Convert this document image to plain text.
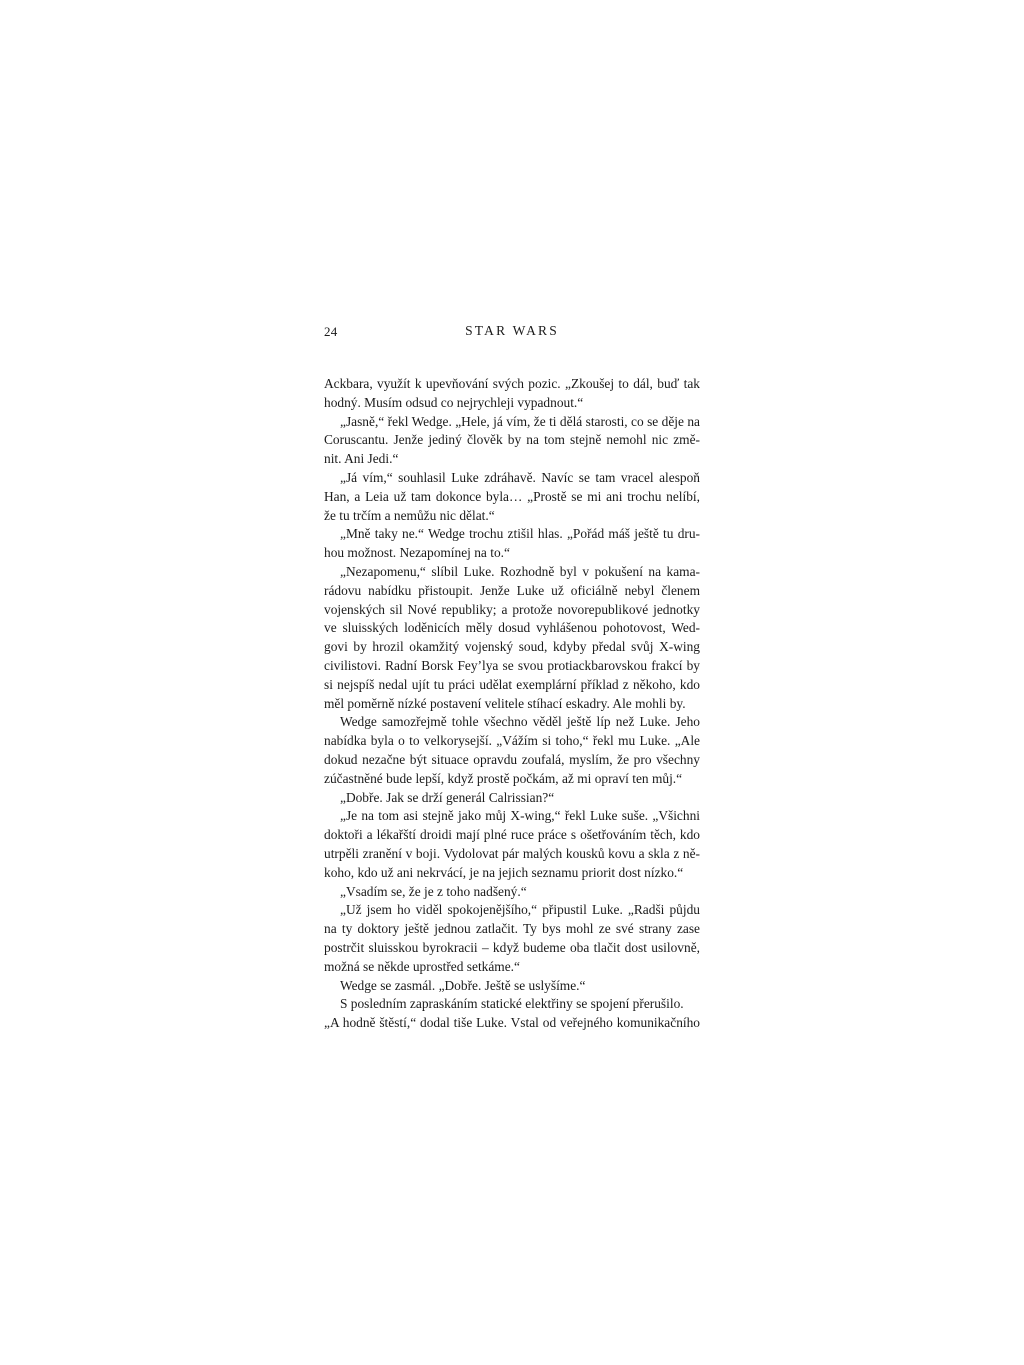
24	STAR WARS

Ackbara, využít k upevňování svých pozic. „Zkoušej to dál, buď tak
hodný. Musím odsud co nejrychleji vypadnout.“

„Jasně,“ řekl Wedge. „Hele, já vím, že ti dělá starosti, co se děje na
Coruscantu. Jenže jediný člověk by na tom stejně nemohl nic změ-
nit. Ani Jedi.“

„Já vím,“ souhlasil Luke zdráhavě. Navíc se tam vracel alespoň
Han, a Leia už tam dokonce byla… „Prostě se mi ani trochu nelíbí,
že tu trčím a nemůžu nic dělat.“

„Mně taky ne.“ Wedge trochu ztišil hlas. „Pořád máš ještě tu dru-
hou možnost. Nezapomínej na to.“

„Nezapomenu,“ slíbil Luke. Rozhodně byl v pokušení na kama-
rádovu nabídku přistoupit. Jenže Luke už oficiálně nebyl členem
vojenských sil Nové republiky; a protože novorepublikové jednotky
ve sluisských loděnicích měly dosud vyhlášenou pohotovost, Wed-
govi by hrozil okamžitý vojenský soud, kdyby předal svůj X-wing
civilistovi. Radní Borsk Fey’lya se svou protiackbarovskou frakcí by
si nejspíš nedal ujít tu práci udělat exemplární příklad z někoho, kdo
měl poměrně nízké postavení velitele stíhací eskadry. Ale mohli by.

Wedge samozřejmě tohle všechno věděl ještě líp než Luke. Jeho
nabídka byla o to velkorysejší. „Vážím si toho,“ řekl mu Luke. „Ale
dokud nezačne být situace opravdu zoufalá, myslím, že pro všechny
zúčastněné bude lepší, když prostě počkám, až mi opraví ten můj.“

„Dobře. Jak se drží generál Calrissian?“

„Je na tom asi stejně jako můj X-wing,“ řekl Luke suše. „Všichni
doktoři a lékařští droidi mají plné ruce práce s ošetřováním těch, kdo
utrpěli zranění v boji. Vydolovat pár malých kousků kovu a skla z ně-
koho, kdo už ani nekrvácí, je na jejich seznamu priorit dost nízko.“

„Vsadím se, že je z toho nadšený.“

„Už jsem ho viděl spokojenějšího,“ připustil Luke. „Radši půjdu
na ty doktory ještě jednou zatlačit. Ty bys mohl ze své strany zase
postrčit sluisskou byrokracii – když budeme oba tlačit dost usilovně,
možná se někde uprostřed setkáme.“

Wedge se zasmál. „Dobře. Ještě se uslyšíme.“

S posledním zapraskáním statické elektřiny se spojení přerušilo.

„A hodně štěstí,“ dodal tiše Luke. Vstal od veřejného komunikačního
